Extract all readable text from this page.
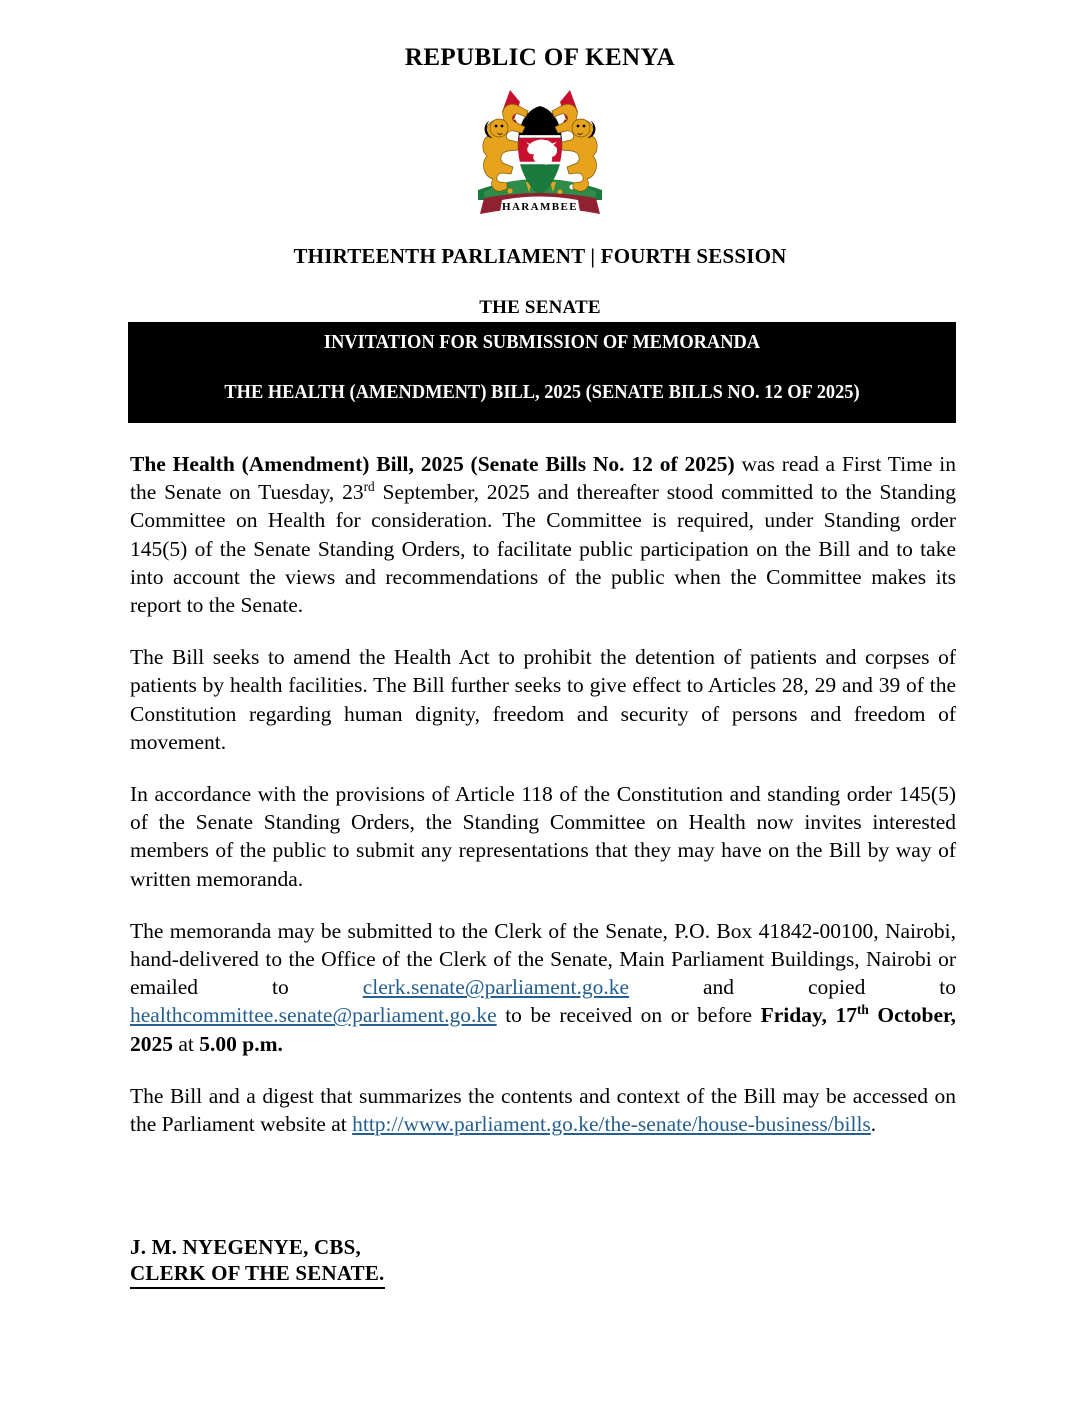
REPUBLIC OF KENYA
HARAMBEE
THIRTEENTH PARLIAMENT | FOURTH SESSION
THE SENATE
INVITATION FOR SUBMISSION OF MEMORANDA
THE HEALTH (AMENDMENT) BILL, 2025 (SENATE BILLS NO. 12 OF 2025)

The Health (Amendment) Bill, 2025 (Senate Bills No. 12 of 2025) was read a First Time in the Senate on Tuesday, 23rd September, 2025 and thereafter stood committed to the Standing Committee on Health for consideration. The Committee is required, under Standing order 145(5) of the Senate Standing Orders, to facilitate public participation on the Bill and to take into account the views and recommendations of the public when the Committee makes its report to the Senate.

The Bill seeks to amend the Health Act to prohibit the detention of patients and corpses of patients by health facilities. The Bill further seeks to give effect to Articles 28, 29 and 39 of the Constitution regarding human dignity, freedom and security of persons and freedom of movement.

In accordance with the provisions of Article 118 of the Constitution and standing order 145(5) of the Senate Standing Orders, the Standing Committee on Health now invites interested members of the public to submit any representations that they may have on the Bill by way of written memoranda.

The memoranda may be submitted to the Clerk of the Senate, P.O. Box 41842-00100, Nairobi, hand-delivered to the Office of the Clerk of the Senate, Main Parliament Buildings, Nairobi or emailed to clerk.senate@parliament.go.ke and copied to healthcommittee.senate@parliament.go.ke to be received on or before Friday, 17th October, 2025 at 5.00 p.m.

The Bill and a digest that summarizes the contents and context of the Bill may be accessed on the Parliament website at http://www.parliament.go.ke/the-senate/house-business/bills.

J. M. NYEGENYE, CBS,
CLERK OF THE SENATE.
